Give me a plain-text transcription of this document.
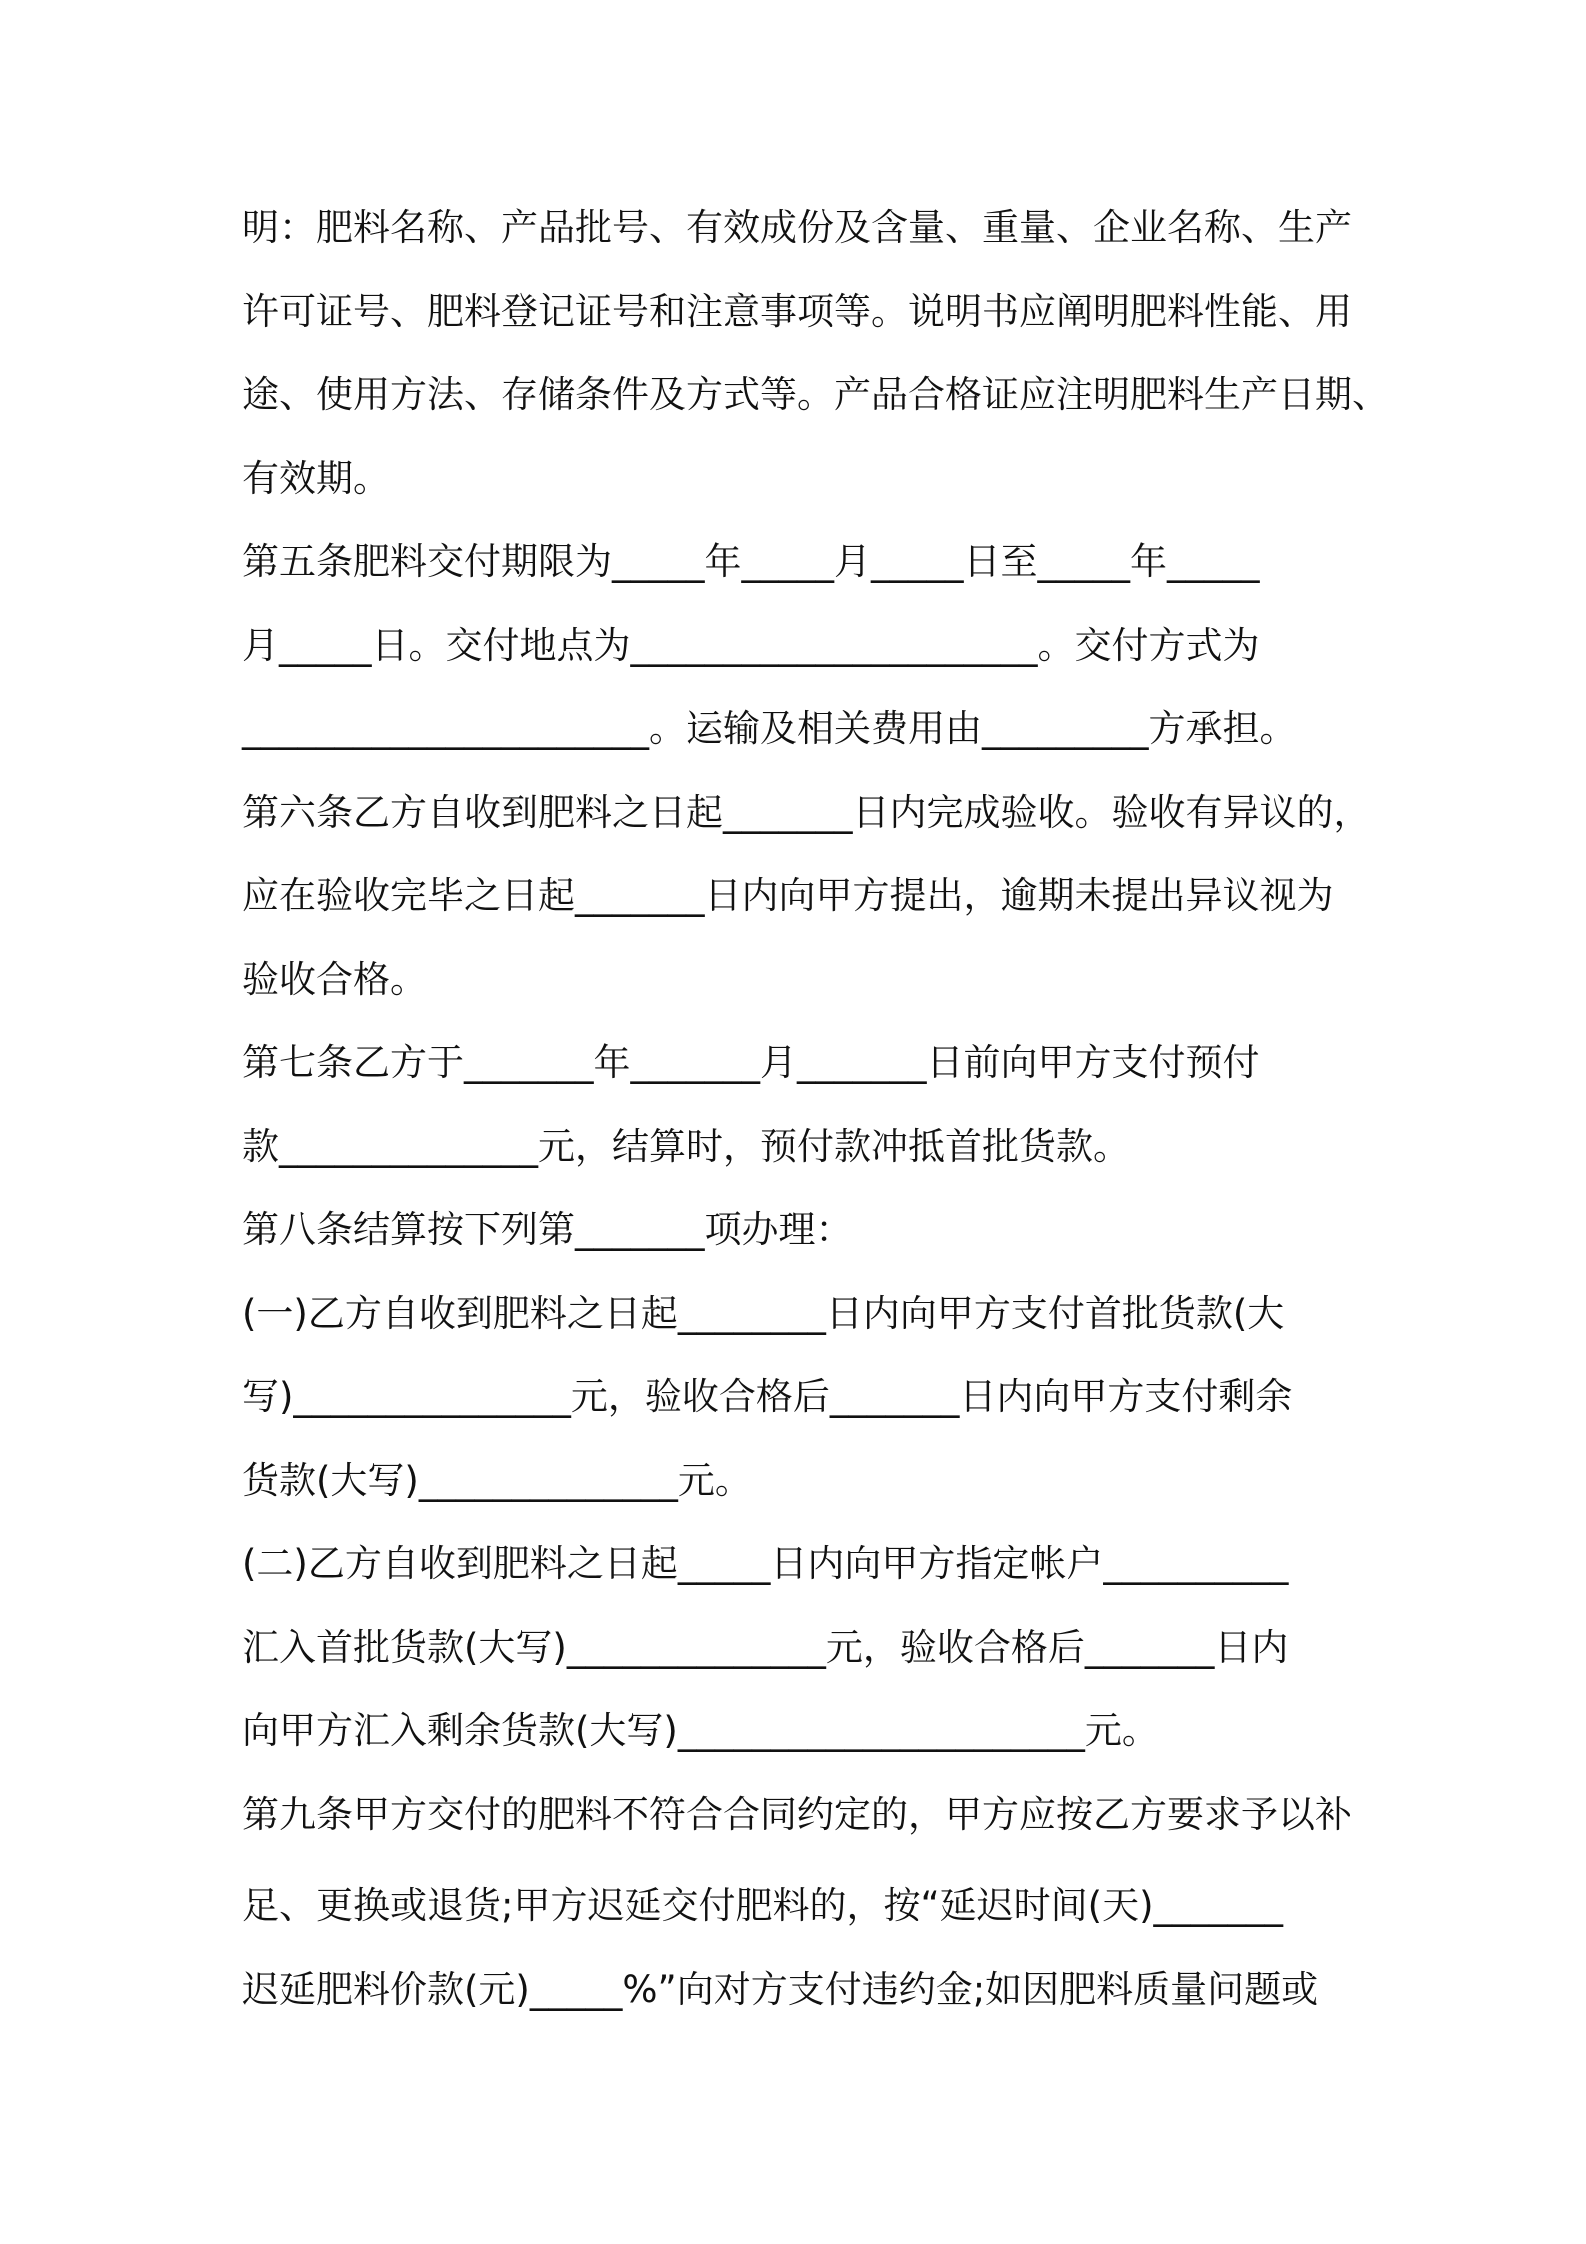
明：肥料名称、产品批号、有效成份及含量、重量、企业名称、生产
许可证号、肥料登记证号和注意事项等。说明书应阐明肥料性能、用
途、使用方法、存储条件及方式等。产品合格证应注明肥料生产日期、
有效期。
第五条肥料交付期限为_____年_____月_____日至_____年_____
月_____日。交付地点为______________________。交付方式为
______________________。运输及相关费用由_________方承担。
第六条乙方自收到肥料之日起_______日内完成验收。验收有异议的，
应在验收完毕之日起_______日内向甲方提出，逾期未提出异议视为
验收合格。
第七条乙方于_______年_______月_______日前向甲方支付预付
款______________元，结算时，预付款冲抵首批货款。
第八条结算按下列第_______项办理：
(一)乙方自收到肥料之日起________日内向甲方支付首批货款(大
写)_______________元，验收合格后_______日内向甲方支付剩余
货款(大写)______________元。
(二)乙方自收到肥料之日起_____日内向甲方指定帐户__________
汇入首批货款(大写)______________元，验收合格后_______日内
向甲方汇入剩余货款(大写)______________________元。
第九条甲方交付的肥料不符合合同约定的，甲方应按乙方要求予以补
足、更换或退货;甲方迟延交付肥料的，按“延迟时间(天)_______
迟延肥料价款(元)_____%”向对方支付违约金;如因肥料质量问题或
